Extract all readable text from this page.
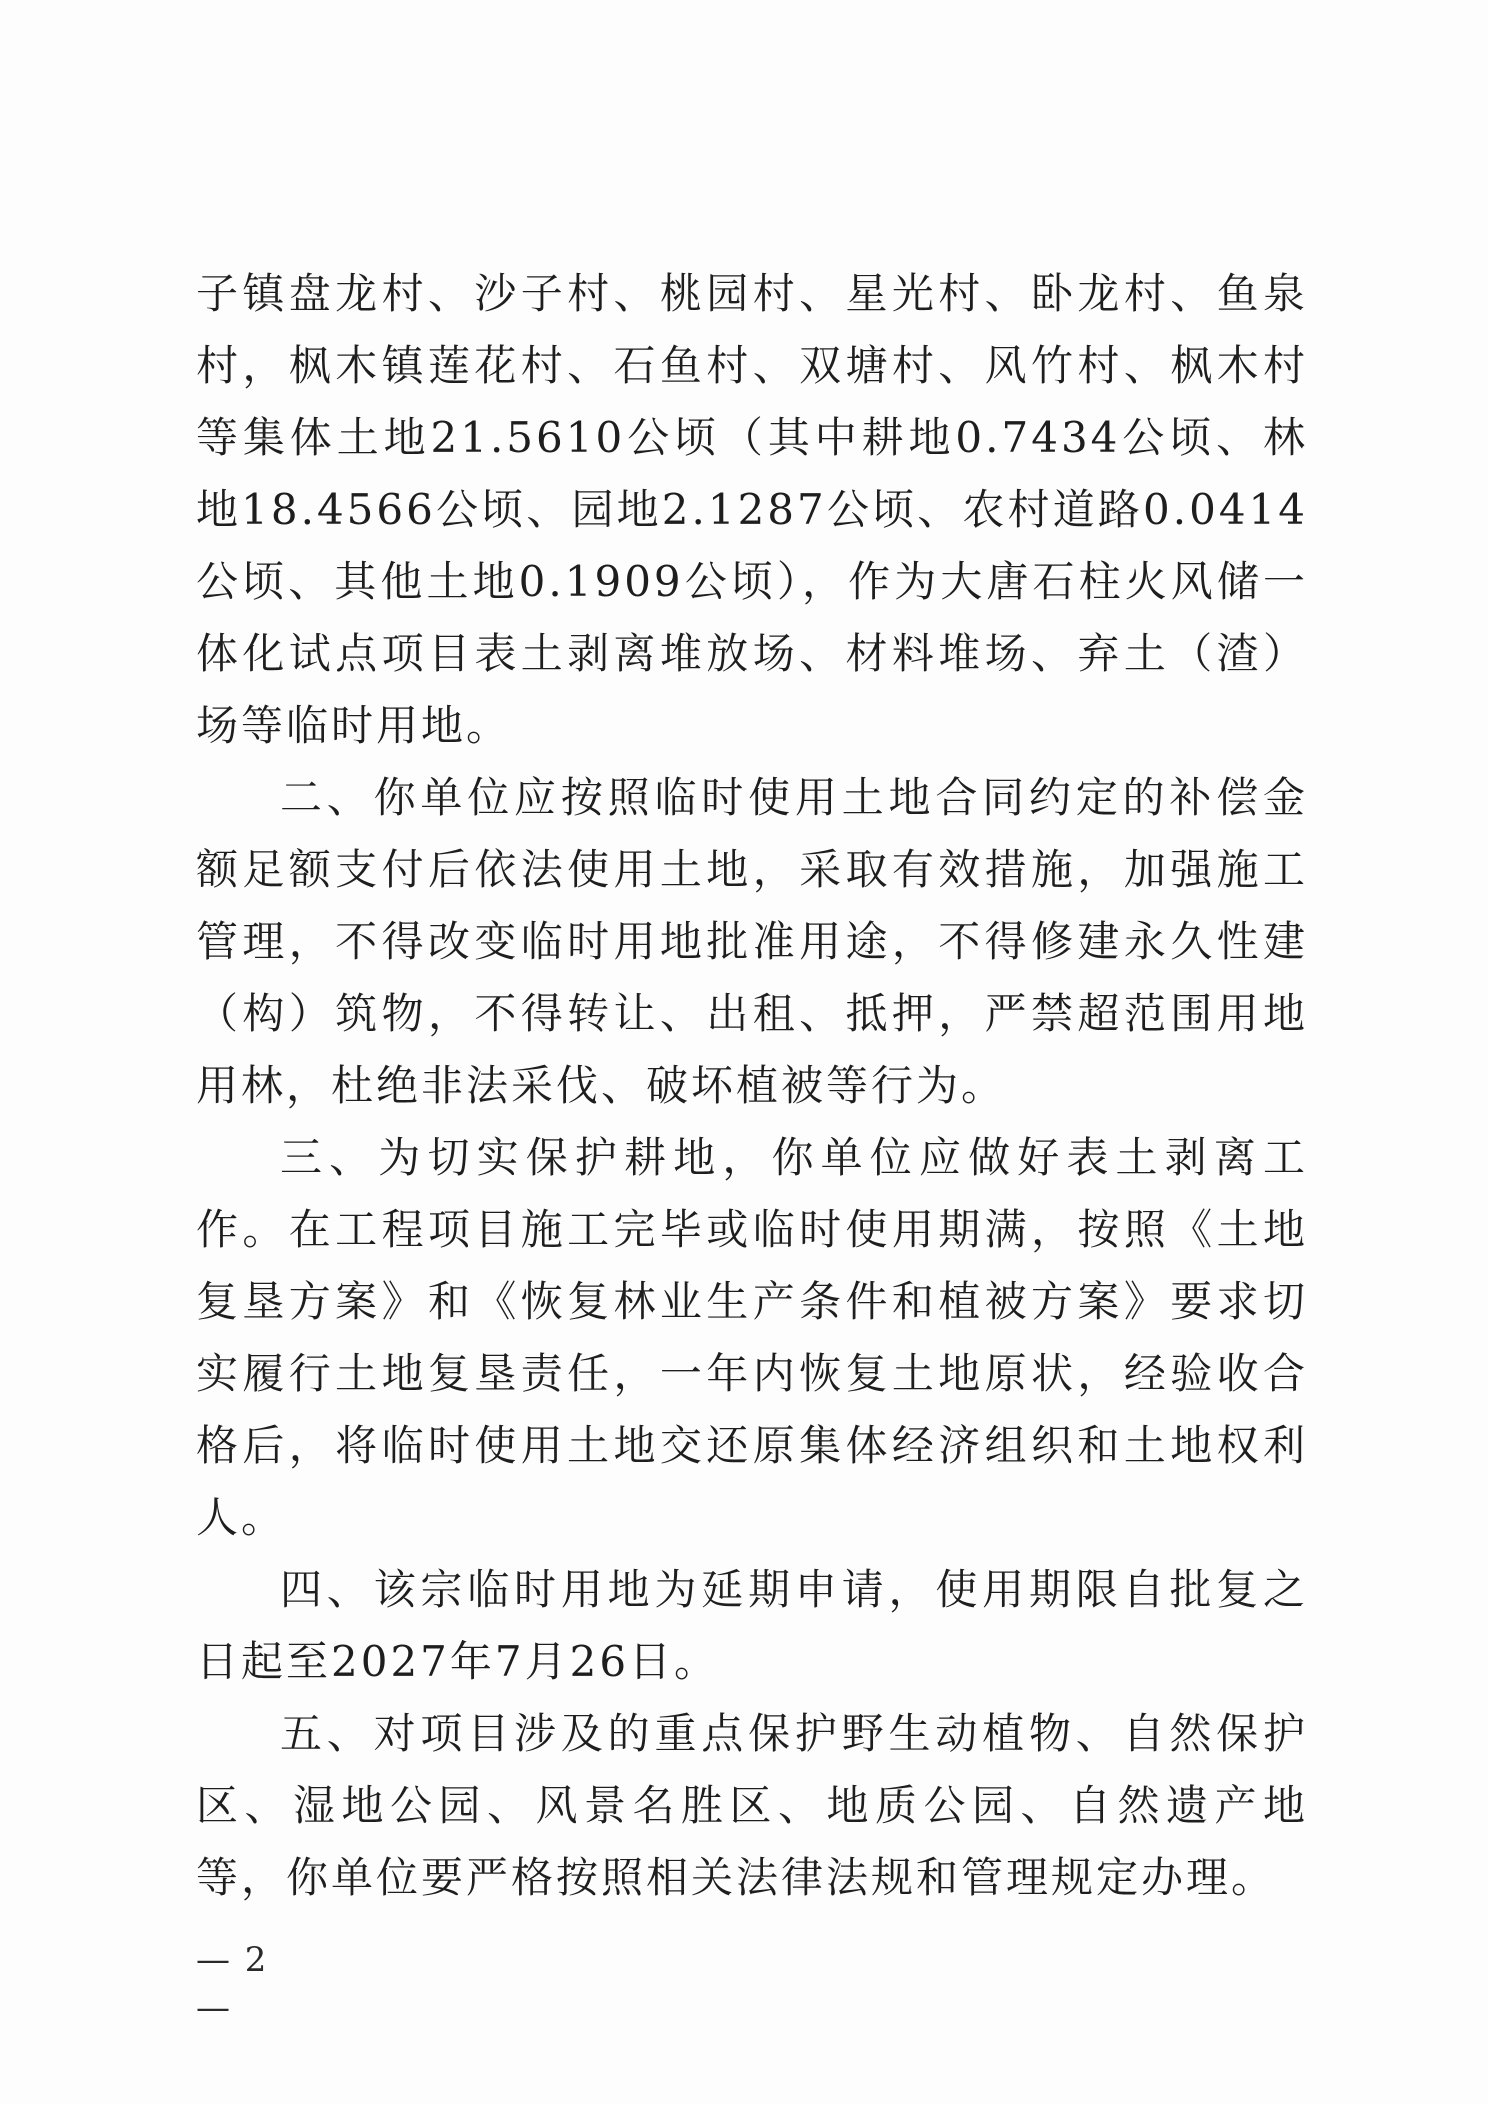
子镇盘龙村、沙子村、桃园村、星光村、卧龙村、鱼泉村，枫木镇莲花村、石鱼村、双塘村、风竹村、枫木村等集体土地21.5610公顷（其中耕地0.7434公顷、林地18.4566公顷、园地2.1287公顷、农村道路0.0414公顷、其他土地0.1909公顷），作为大唐石柱火风储一体化试点项目表土剥离堆放场、材料堆场、弃土（渣）场等临时用地。

二、你单位应按照临时使用土地合同约定的补偿金额足额支付后依法使用土地，采取有效措施，加强施工管理，不得改变临时用地批准用途，不得修建永久性建（构）筑物，不得转让、出租、抵押，严禁超范围用地用林，杜绝非法采伐、破坏植被等行为。

三、为切实保护耕地，你单位应做好表土剥离工作。在工程项目施工完毕或临时使用期满，按照《土地复垦方案》和《恢复林业生产条件和植被方案》要求切实履行土地复垦责任，一年内恢复土地原状，经验收合格后，将临时使用土地交还原集体经济组织和土地权利人。

四、该宗临时用地为延期申请，使用期限自批复之日起至2027年7月26日。

五、对项目涉及的重点保护野生动植物、自然保护区、湿地公园、风景名胜区、地质公园、自然遗产地等，你单位要严格按照相关法律法规和管理规定办理。

— 2 —
